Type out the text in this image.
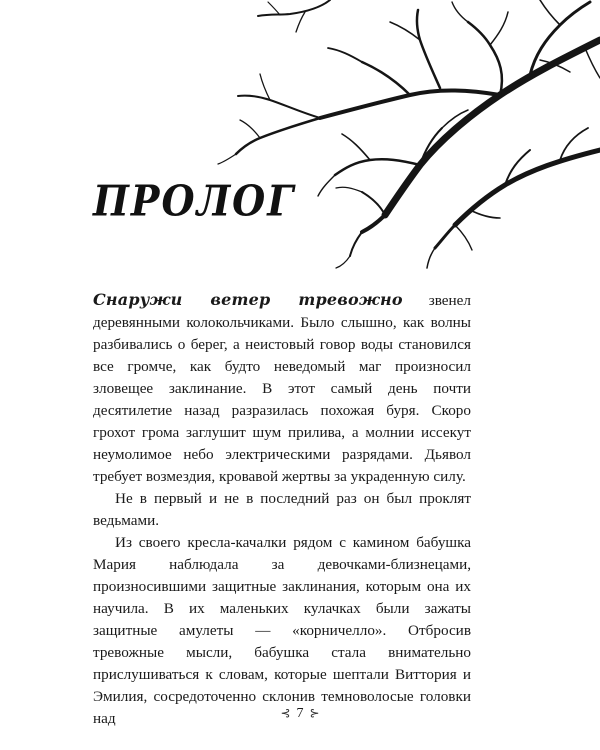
ПРОЛОГ

Снаружи ветер тревожно звенел деревянными колокольчиками. Было слышно, как волны разбивались о берег, а неистовый говор воды становился все громче, как будто неведомый маг произносил зловещее заклинание. В этот самый день почти десятилетие назад разразилась похожая буря. Скоро грохот грома заглушит шум прилива, а молнии иссекут неумолимое небо электрическими разрядами. Дьявол требует возмездия, кровавой жертвы за украденную силу.

Не в первый и не в последний раз он был проклят ведьмами.

Из своего кресла-качалки рядом с камином бабушка Мария наблюдала за девочками-близнецами, произносившими защитные заклинания, которым она их научила. В их маленьких кулачках были зажаты защитные амулеты — «корничелло». Отбросив тревожные мысли, бабушка стала внимательно прислушиваться к словам, которые шептали Виттория и Эмилия, сосредоточенно склонив темноволосые головки над	⊰ 7 ⊱
